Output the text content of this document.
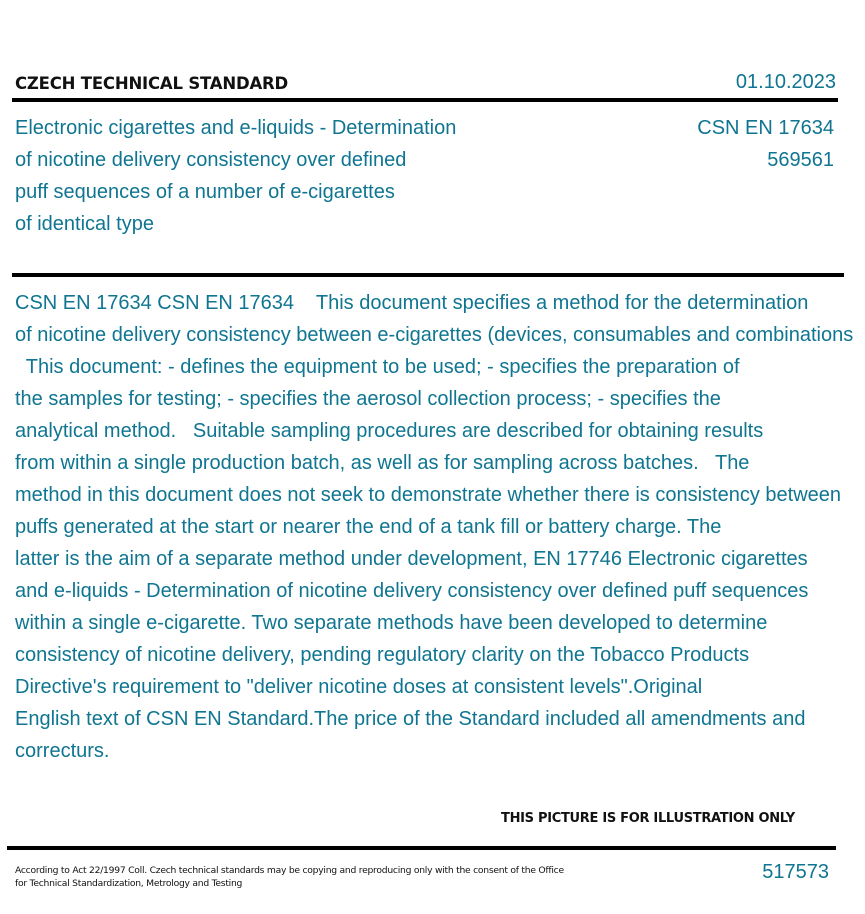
CZECH TECHNICAL STANDARD	01.10.2023
Electronic cigarettes and e-liquids - Determination
of nicotine delivery consistency over defined
puff sequences of a number of e-cigarettes
of identical type
CSN EN 17634
569561
CSN EN 17634 CSN EN 17634    This document specifies a method for the determination
of nicotine delivery consistency between e-cigarettes (devices, consumables and combinations
This document: - defines the equipment to be used; - specifies the preparation of
the samples for testing; - specifies the aerosol collection process; - specifies the
analytical method.   Suitable sampling procedures are described for obtaining results
from within a single production batch, as well as for sampling across batches.   The
method in this document does not seek to demonstrate whether there is consistency between
puffs generated at the start or nearer the end of a tank fill or battery charge. The
latter is the aim of a separate method under development, EN 17746 Electronic cigarettes
and e-liquids - Determination of nicotine delivery consistency over defined puff sequences
within a single e-cigarette. Two separate methods have been developed to determine
consistency of nicotine delivery, pending regulatory clarity on the Tobacco Products
Directive's requirement to "deliver nicotine doses at consistent levels".Original
English text of CSN EN Standard.The price of the Standard included all amendments and
correcturs.
THIS PICTURE IS FOR ILLUSTRATION ONLY
According to Act 22/1997 Coll. Czech technical standards may be copying and reproducing only with the consent of the Office
for Technical Standardization, Metrology and Testing
517573
